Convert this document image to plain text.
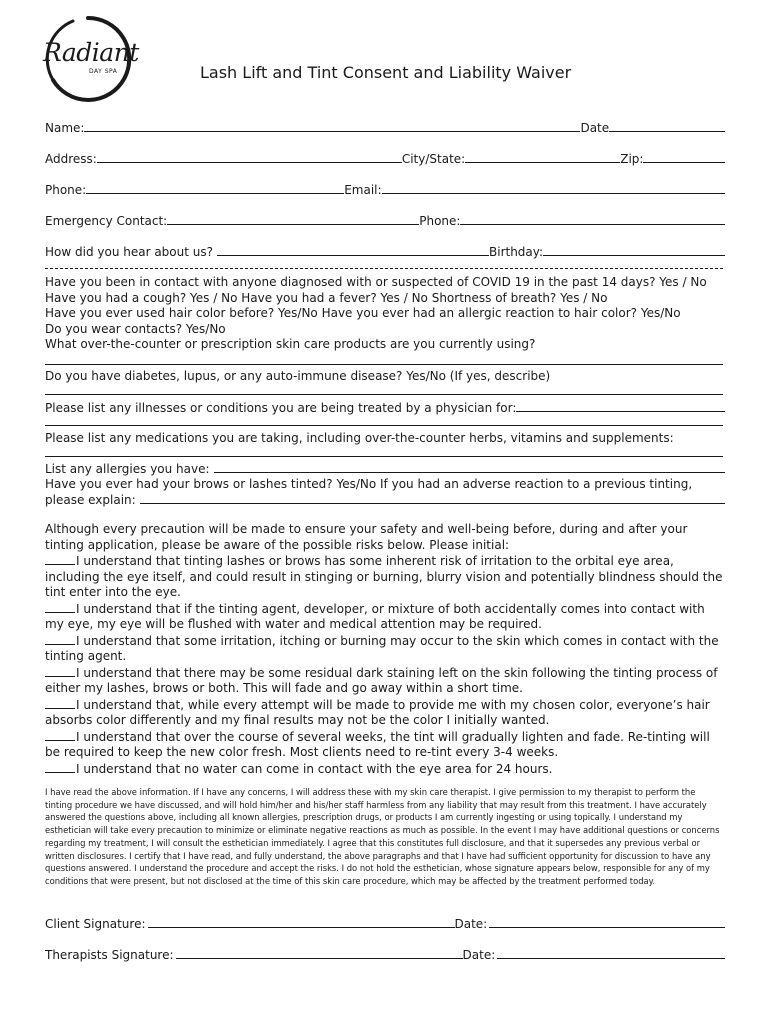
Radiant
DAY SPA	Lash Lift and Tint Consent and Liability Waiver
Name:	Date
Address:	City/State:	Zip:
Phone:	Email:
Emergency Contact:	Phone:
How did you hear about us?	Birthday:
Have you been in contact with anyone diagnosed with or suspected of COVID 19 in the past 14 days? Yes / No
Have you had a cough? Yes / No Have you had a fever? Yes / No Shortness of breath? Yes / No
Have you ever used hair color before? Yes/No Have you ever had an allergic reaction to hair color? Yes/No
Do you wear contacts? Yes/No
What over-the-counter or prescription skin care products are you currently using?
Do you have diabetes, lupus, or any auto-immune disease? Yes/No (If yes, describe)
Please list any illnesses or conditions you are being treated by a physician for:
Please list any medications you are taking, including over-the-counter herbs, vitamins and supplements:
List any allergies you have:
Have you ever had your brows or lashes tinted? Yes/No If you had an adverse reaction to a previous tinting,
please explain:
Although every precaution will be made to ensure your safety and well-being before, during and after your tinting application, please be aware of the possible risks below. Please initial:
I understand that tinting lashes or brows has some inherent risk of irritation to the orbital eye area, including the eye itself, and could result in stinging or burning, blurry vision and potentially blindness should the tint enter into the eye.
I understand that if the tinting agent, developer, or mixture of both accidentally comes into contact with my eye, my eye will be flushed with water and medical attention may be required.
I understand that some irritation, itching or burning may occur to the skin which comes in contact with the tinting agent.
I understand that there may be some residual dark staining left on the skin following the tinting process of either my lashes, brows or both. This will fade and go away within a short time.
I understand that, while every attempt will be made to provide me with my chosen color, everyone’s hair absorbs color differently and my final results may not be the color I initially wanted.
I understand that over the course of several weeks, the tint will gradually lighten and fade. Re-tinting will be required to keep the new color fresh. Most clients need to re-tint every 3-4 weeks.
I understand that no water can come in contact with the eye area for 24 hours.
I have read the above information. If I have any concerns, I will address these with my skin care therapist. I give permission to my therapist to perform the tinting procedure we have discussed, and will hold him/her and his/her staff harmless from any liability that may result from this treatment. I have accurately answered the questions above, including all known allergies, prescription drugs, or products I am currently ingesting or using topically. I understand my esthetician will take every precaution to minimize or eliminate negative reactions as much as possible. In the event I may have additional questions or concerns regarding my treatment, I will consult the esthetician immediately. I agree that this constitutes full disclosure, and that it supersedes any previous verbal or written disclosures. I certify that I have read, and fully understand, the above paragraphs and that I have had sufficient opportunity for discussion to have any questions answered. I understand the procedure and accept the risks. I do not hold the esthetician, whose signature appears below, responsible for any of my conditions that were present, but not disclosed at the time of this skin care procedure, which may be affected by the treatment performed today.
Client Signature:	Date:
Therapists Signature:	Date:
